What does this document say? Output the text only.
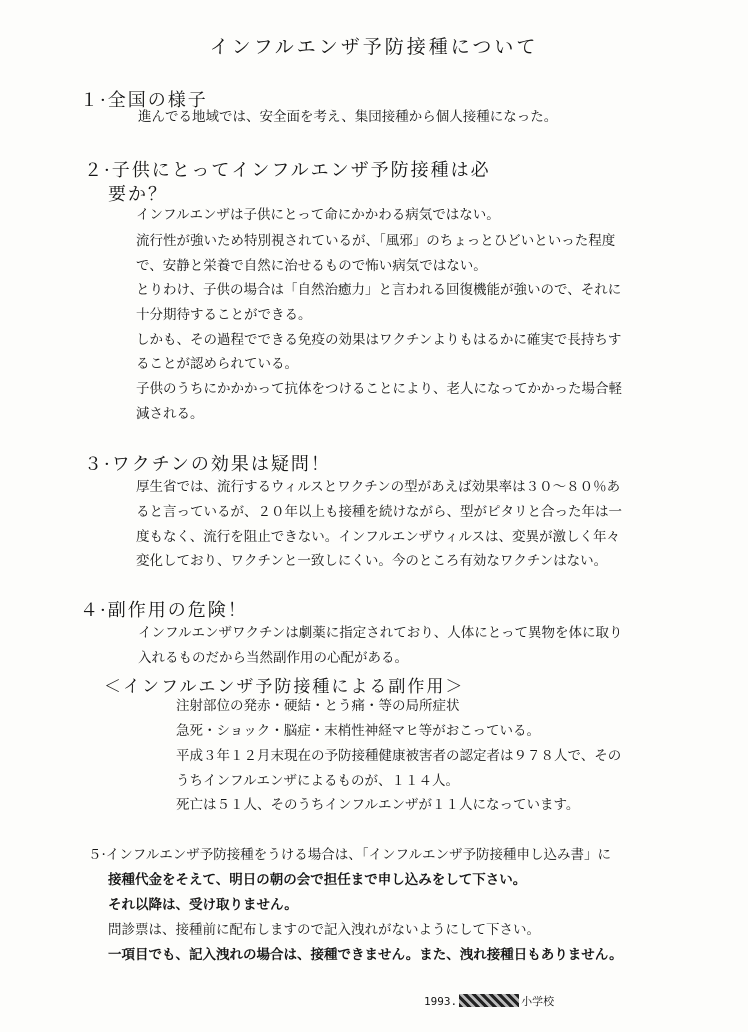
インフルエンザ予防接種について
１·全国の様子
進んでる地域では、安全面を考え、集団接種から個人接種になった。
２·子供にとってインフルエンザ予防接種は必
要か？
インフルエンザは子供にとって命にかかわる病気ではない。
流行性が強いため特別視されているが、「風邪」のちょっとひどいといった程度
で、安静と栄養で自然に治せるもので怖い病気ではない。
とりわけ、子供の場合は「自然治癒力」と言われる回復機能が強いので、それに
十分期待することができる。
しかも、その過程でできる免疫の効果はワクチンよりもはるかに確実で長持ちす
ることが認められている。
子供のうちにかかかって抗体をつけることにより、老人になってかかった場合軽
減される。
３·ワクチンの効果は疑問！
厚生省では、流行するウィルスとワクチンの型があえば効果率は３０～８０％あ
ると言っているが、２０年以上も接種を続けながら、型がピタリと合った年は一
度もなく、流行を阻止できない。インフルエンザウィルスは、変異が激しく年々
変化しており、ワクチンと一致しにくい。今のところ有効なワクチンはない。
４·副作用の危険！
インフルエンザワクチンは劇薬に指定されており、人体にとって異物を体に取り
入れるものだから当然副作用の心配がある。
＜インフルエンザ予防接種による副作用＞
注射部位の発赤・硬結・とう痛・等の局所症状
急死・ショック・脳症・末梢性神経マヒ等がおこっている。
平成３年１２月末現在の予防接種健康被害者の認定者は９７８人で、その
うちインフルエンザによるものが、１１４人。
死亡は５１人、そのうちインフルエンザが１１人になっています。
５·インフルエンザ予防接種をうける場合は、「インフルエンザ予防接種申し込み書」に
接種代金をそえて、明日の朝の会で担任まで申し込みをして下さい。
それ以降は、受け取りません。
問診票は、接種前に配布しますので記入洩れがないようにして下さい。
一項目でも、記入洩れの場合は、接種できません。また、洩れ接種日もありません。
1993.	小学校
